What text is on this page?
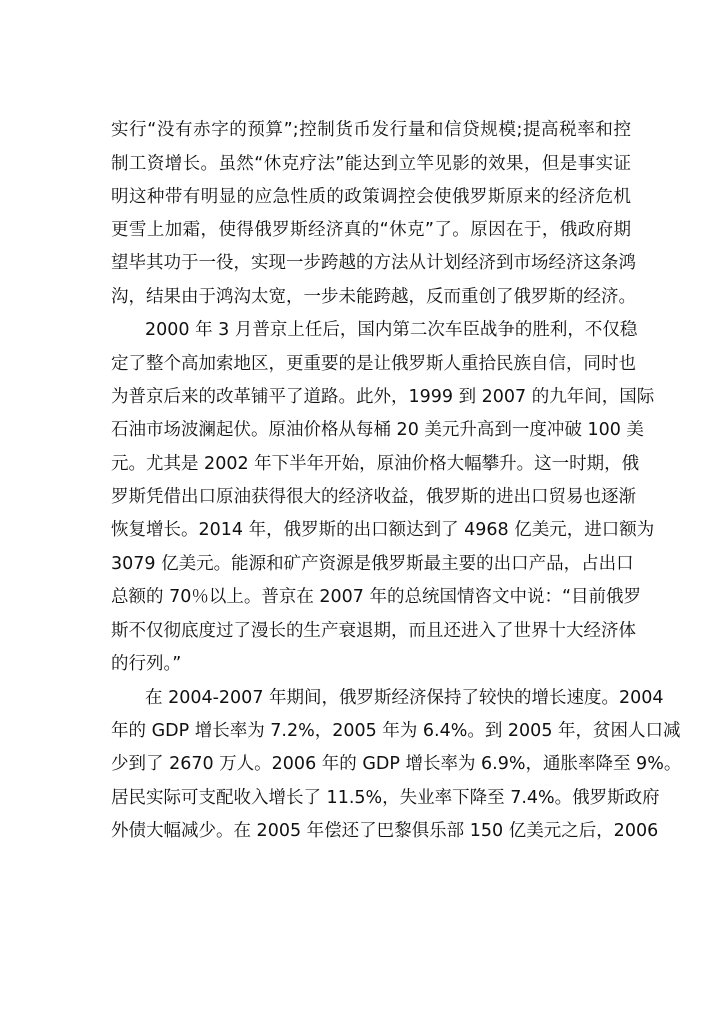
实行“没有赤字的预算”;控制货币发行量和信贷规模;提高税率和控
制工资增长。虽然“休克疗法”能达到立竿见影的效果，但是事实证
明这种带有明显的应急性质的政策调控会使俄罗斯原来的经济危机
更雪上加霜，使得俄罗斯经济真的“休克”了。原因在于，俄政府期
望毕其功于一役，实现一步跨越的方法从计划经济到市场经济这条鸿
沟，结果由于鸿沟太宽，一步未能跨越，反而重创了俄罗斯的经济。
2000 年 3 月普京上任后，国内第二次车臣战争的胜利，不仅稳
定了整个高加索地区，更重要的是让俄罗斯人重拾民族自信，同时也
为普京后来的改革铺平了道路。此外，1999 到 2007 的九年间，国际
石油市场波澜起伏。原油价格从每桶 20 美元升高到一度冲破 100 美
元。尤其是 2002 年下半年开始，原油价格大幅攀升。这一时期，俄
罗斯凭借出口原油获得很大的经济收益，俄罗斯的进出口贸易也逐渐
恢复增长。2014 年，俄罗斯的出口额达到了 4968 亿美元，进口额为
3079 亿美元。能源和矿产资源是俄罗斯最主要的出口产品，占出口
总额的 70％以上。普京在 2007 年的总统国情咨文中说：“目前俄罗
斯不仅彻底度过了漫长的生产衰退期，而且还进入了世界十大经济体
的行列。”
在 2004-2007 年期间，俄罗斯经济保持了较快的增长速度。2004
年的 GDP 增长率为 7.2%，2005 年为 6.4%。到 2005 年，贫困人口减
少到了 2670 万人。2006 年的 GDP 增长率为 6.9%，通胀率降至 9%。
居民实际可支配收入增长了 11.5%，失业率下降至 7.4%。俄罗斯政府
外债大幅减少。在 2005 年偿还了巴黎俱乐部 150 亿美元之后，2006
